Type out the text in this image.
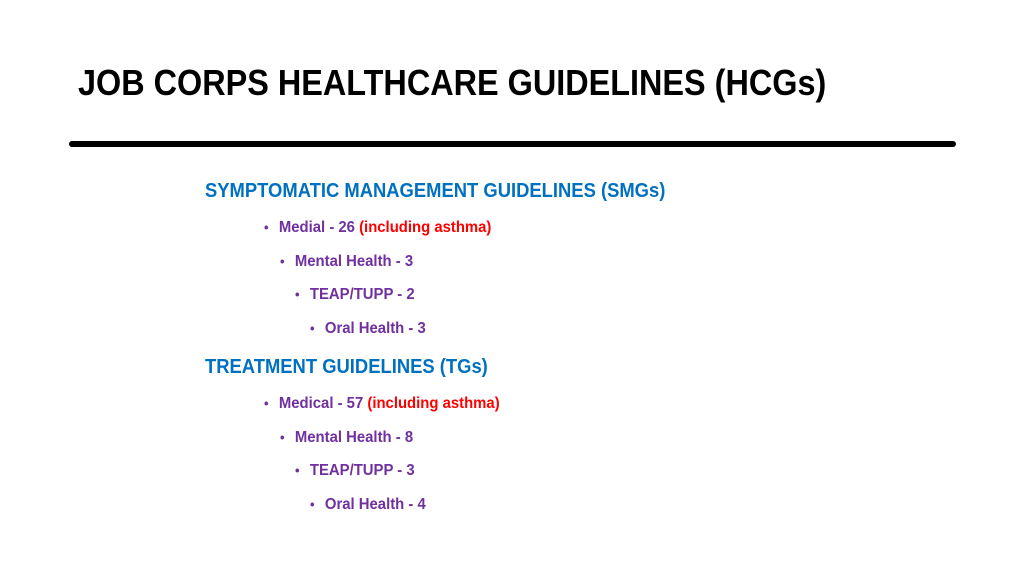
JOB CORPS HEALTHCARE GUIDELINES (HCGs)
SYMPTOMATIC MANAGEMENT GUIDELINES (SMGs)

• Medial - 26 (including asthma)

• Mental Health - 3

• TEAP/TUPP - 2

• Oral Health - 3

TREATMENT GUIDELINES (TGs)

• Medical - 57 (including asthma)

• Mental Health - 8

• TEAP/TUPP - 3

• Oral Health - 4
